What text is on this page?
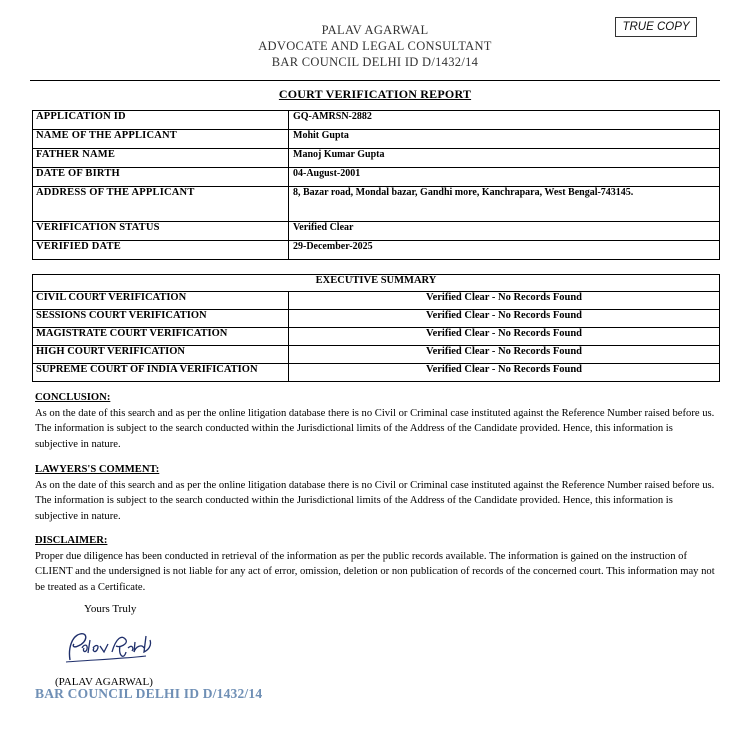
PALAV AGARWAL
ADVOCATE AND LEGAL CONSULTANT
BAR COUNCIL DELHI ID D/1432/14
TRUE COPY
COURT VERIFICATION REPORT
APPLICATION ID	GQ-AMRSN-2882
NAME OF THE APPLICANT	Mohit Gupta
FATHER NAME	Manoj Kumar Gupta
DATE OF BIRTH	04-August-2001
ADDRESS OF THE APPLICANT	8, Bazar road, Mondal bazar, Gandhi more, Kanchrapara, West Bengal-743145.
VERIFICATION STATUS	Verified Clear
VERIFIED DATE	29-December-2025
EXECUTIVE SUMMARY	
CIVIL COURT VERIFICATION	Verified Clear - No Records Found
SESSIONS COURT VERIFICATION	Verified Clear - No Records Found
MAGISTRATE COURT VERIFICATION	Verified Clear - No Records Found
HIGH COURT VERIFICATION	Verified Clear - No Records Found
SUPREME COURT OF INDIA VERIFICATION	Verified Clear - No Records Found
CONCLUSION:
As on the date of this search and as per the online litigation database there is no Civil or Criminal case instituted against the Reference Number raised before us. The information is subject to the search conducted within the Jurisdictional limits of the Address of the Candidate provided. Hence, this information is subjective in nature.
LAWYERS'S COMMENT:
As on the date of this search and as per the online litigation database there is no Civil or Criminal case instituted against the Reference Number raised before us. The information is subject to the search conducted within the Jurisdictional limits of the Address of the Candidate provided. Hence, this information is subjective in nature.
DISCLAIMER:
Proper due diligence has been conducted in retrieval of the information as per the public records available. The information is gained on the instruction of CLIENT and the undersigned is not liable for any act of error, omission, deletion or non publication of records of the concerned court. This information may not be treated as a Certificate.
Yours Truly
(PALAV AGARWAL)
BAR COUNCIL DELHI ID D/1432/14
